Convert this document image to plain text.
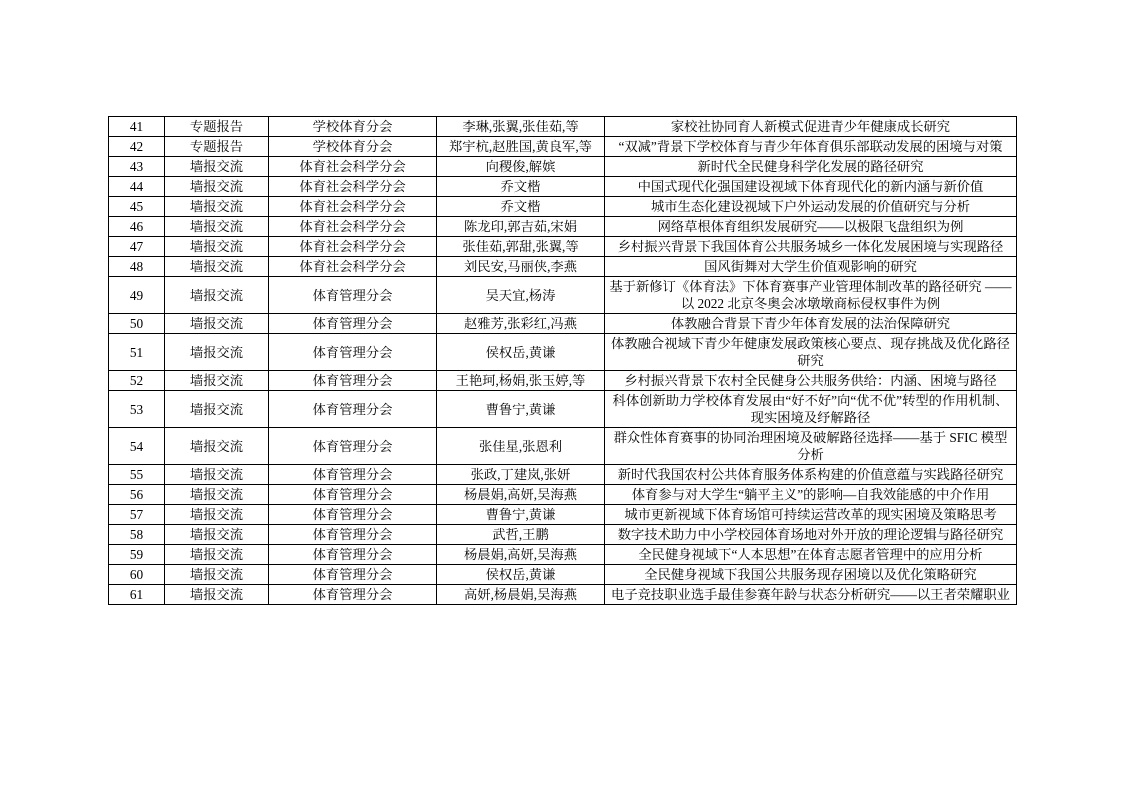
41	专题报告	学校体育分会	李琳,张翼,张佳茹,等	家校社协同育人新模式促进青少年健康成长研究
42	专题报告	学校体育分会	郑宇杭,赵胜国,黄良军,等	“双减”背景下学校体育与青少年体育俱乐部联动发展的困境与对策
43	墙报交流	体育社会科学分会	向稷俊,解嫔	新时代全民健身科学化发展的路径研究
44	墙报交流	体育社会科学分会	乔文楷	中国式现代化强国建设视域下体育现代化的新内涵与新价值
45	墙报交流	体育社会科学分会	乔文楷	城市生态化建设视域下户外运动发展的价值研究与分析
46	墙报交流	体育社会科学分会	陈龙印,郭吉茹,宋娟	网络草根体育组织发展研究——以极限飞盘组织为例
47	墙报交流	体育社会科学分会	张佳茹,郭甜,张翼,等	乡村振兴背景下我国体育公共服务城乡一体化发展困境与实现路径
48	墙报交流	体育社会科学分会	刘民安,马丽侠,李燕	国风街舞对大学生价值观影响的研究
49	墙报交流	体育管理分会	吴天宜,杨涛	基于新修订《体育法》下体育赛事产业管理体制改革的路径研究 ——以 2022 北京冬奥会冰墩墩商标侵权事件为例
50	墙报交流	体育管理分会	赵雅芳,张彩红,冯燕	体教融合背景下青少年体育发展的法治保障研究
51	墙报交流	体育管理分会	侯权岳,黄谦	体教融合视域下青少年健康发展政策核心要点、现存挑战及优化路径研究
52	墙报交流	体育管理分会	王艳珂,杨娟,张玉婷,等	乡村振兴背景下农村全民健身公共服务供给：内涵、困境与路径
53	墙报交流	体育管理分会	曹鲁宁,黄谦	科体创新助力学校体育发展由“好不好”向“优不优”转型的作用机制、现实困境及纾解路径
54	墙报交流	体育管理分会	张佳星,张恩利	群众性体育赛事的协同治理困境及破解路径选择——基于 SFIC 模型分析
55	墙报交流	体育管理分会	张政,丁建岚,张妍	新时代我国农村公共体育服务体系构建的价值意蕴与实践路径研究
56	墙报交流	体育管理分会	杨晨娟,高妍,吴海燕	体育参与对大学生“躺平主义”的影响—自我效能感的中介作用
57	墙报交流	体育管理分会	曹鲁宁,黄谦	城市更新视域下体育场馆可持续运营改革的现实困境及策略思考
58	墙报交流	体育管理分会	武哲,王鹏	数字技术助力中小学校园体育场地对外开放的理论逻辑与路径研究
59	墙报交流	体育管理分会	杨晨娟,高妍,吴海燕	全民健身视域下“人本思想”在体育志愿者管理中的应用分析
60	墙报交流	体育管理分会	侯权岳,黄谦	全民健身视域下我国公共服务现存困境以及优化策略研究
61	墙报交流	体育管理分会	高妍,杨晨娟,吴海燕	电子竞技职业选手最佳参赛年龄与状态分析研究——以王者荣耀职业
